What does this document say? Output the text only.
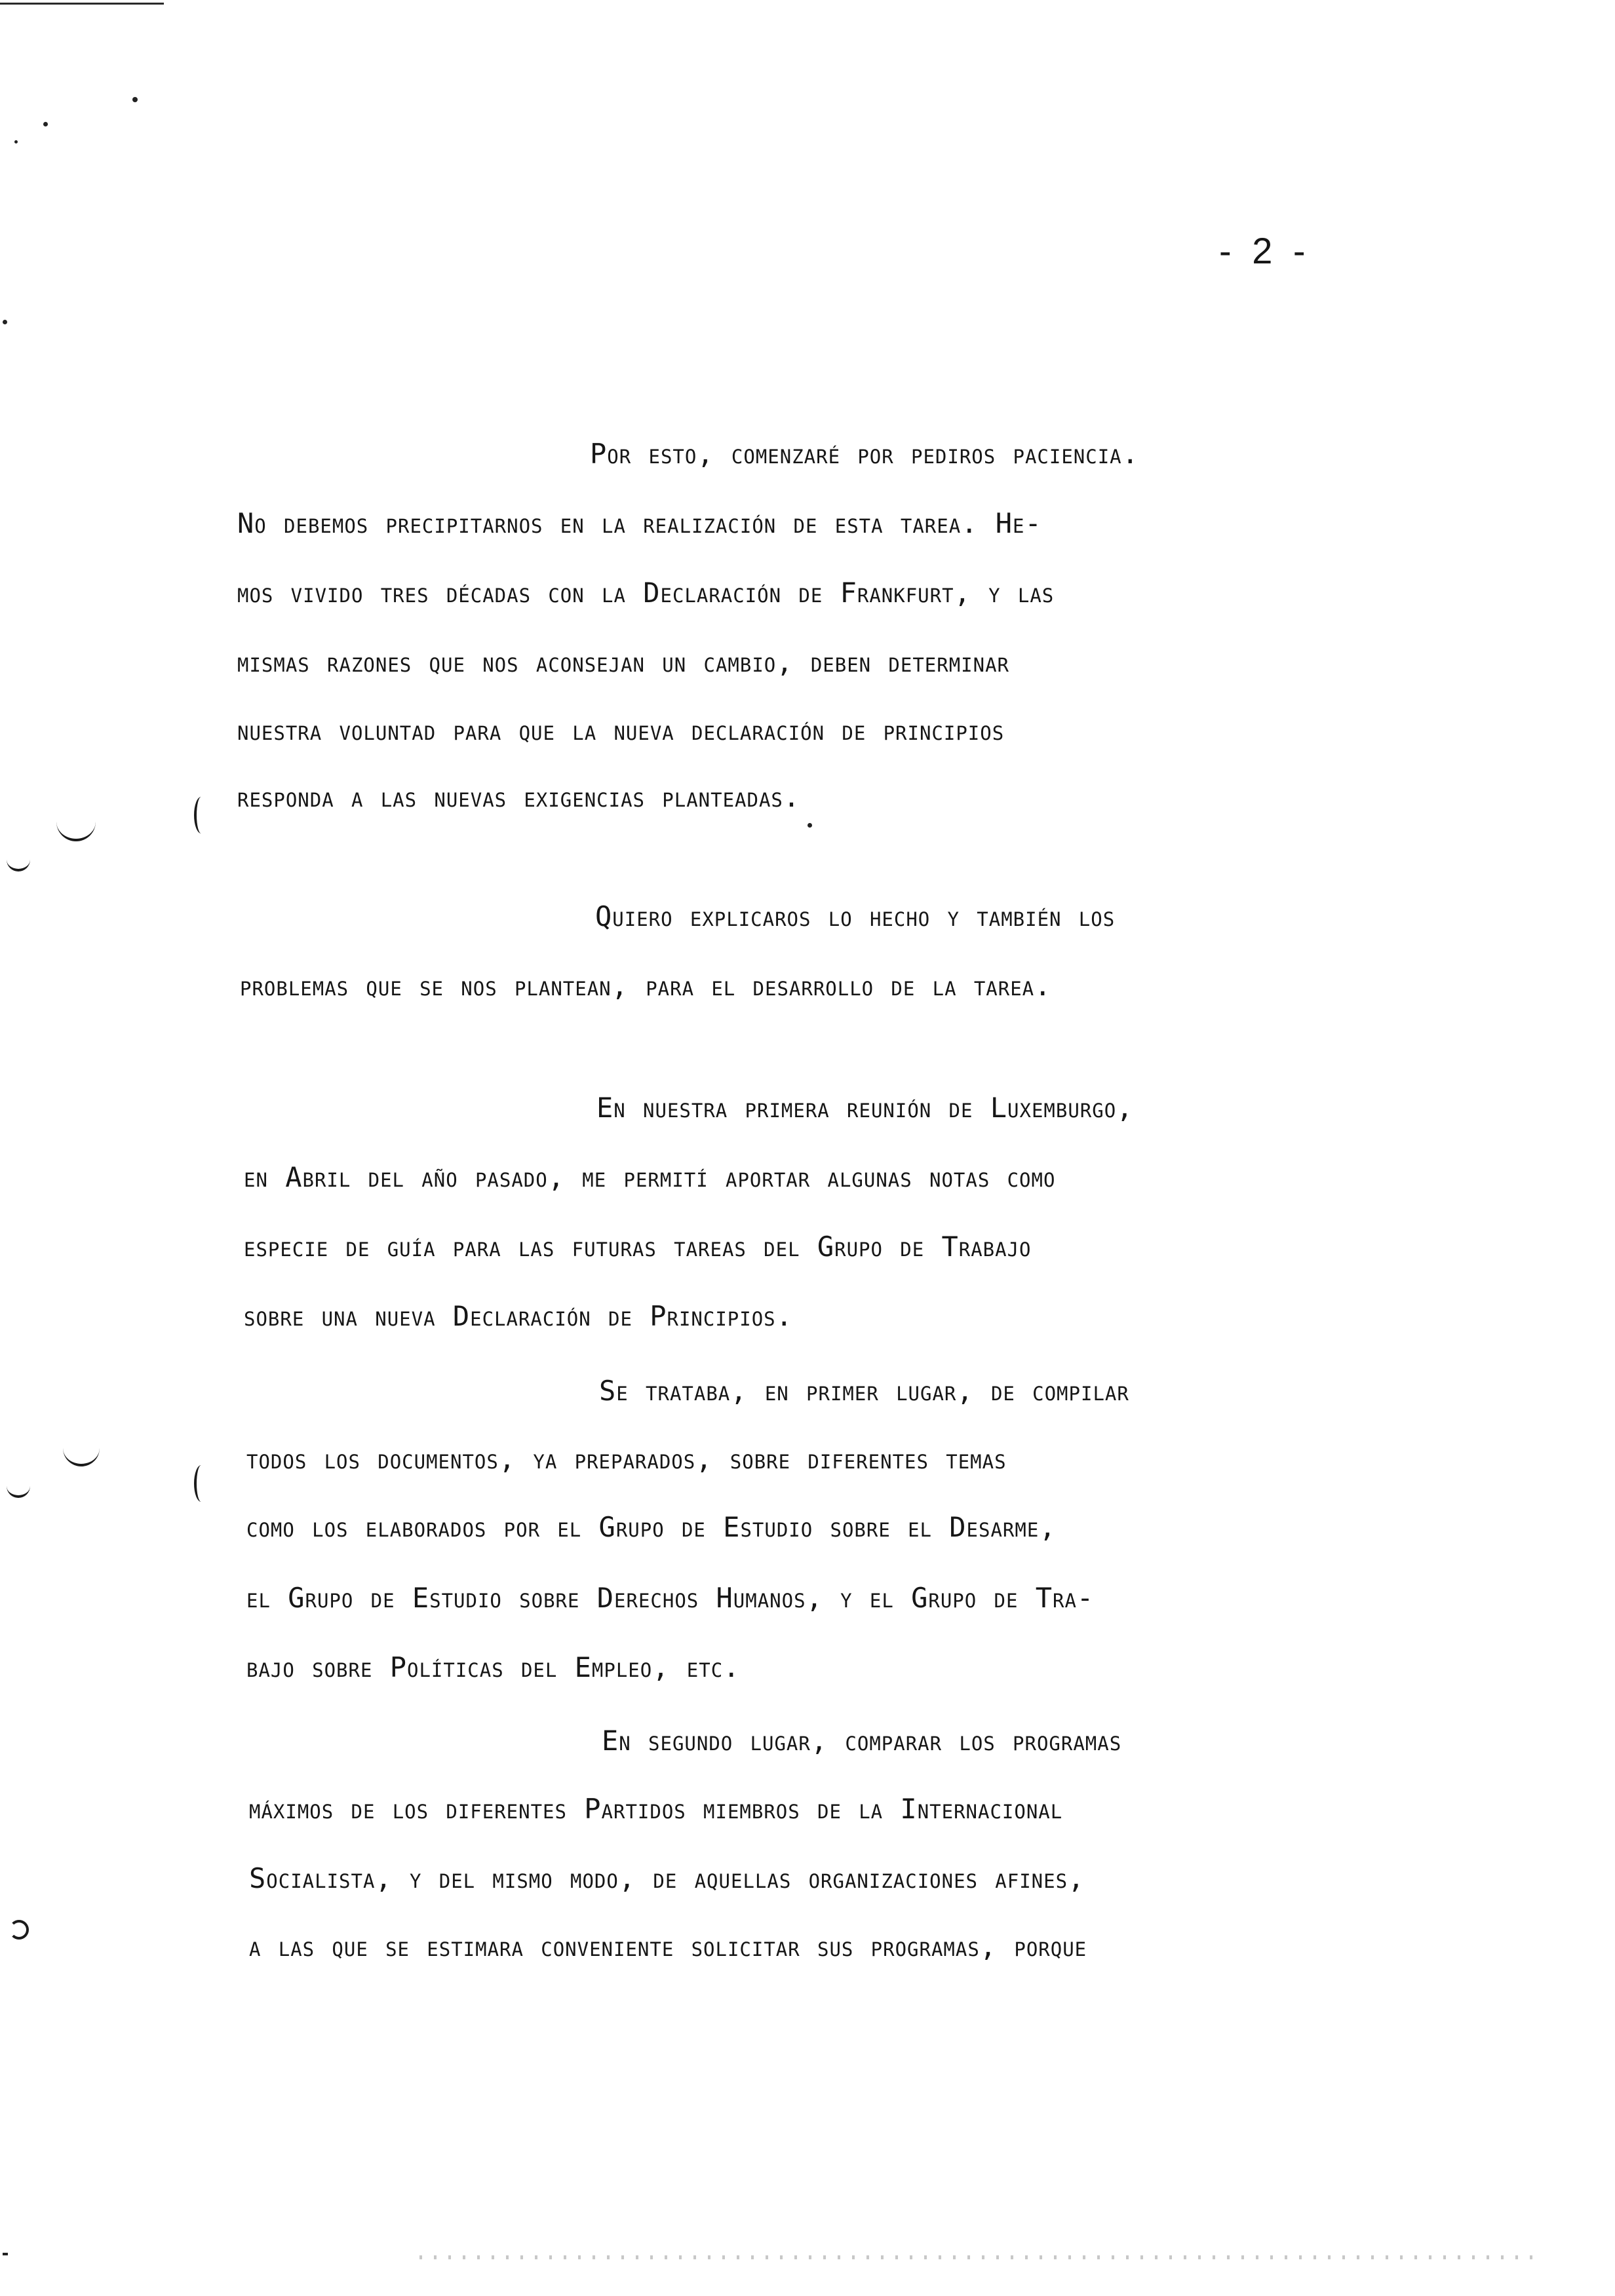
- 2 -
Por esto, comenzaré por pediros paciencia.
No debemos precipitarnos en la realización de esta tarea. He-
mos vivido tres décadas con la Declaración de Frankfurt, y las
mismas razones que nos aconsejan un cambio, deben determinar
nuestra voluntad para que la nueva declaración de principios
responda a las nuevas exigencias planteadas.
Quiero explicaros lo hecho y también los
problemas que se nos plantean, para el desarrollo de la tarea.
En nuestra primera reunión de Luxemburgo,
en Abril del año pasado, me permití aportar algunas notas como
especie de guía para las futuras tareas del Grupo de Trabajo
sobre una nueva Declaración de Principios.
Se trataba, en primer lugar, de compilar
todos los documentos, ya preparados, sobre diferentes temas
como los elaborados por el Grupo de Estudio sobre el Desarme,
el Grupo de Estudio sobre Derechos Humanos, y el Grupo de Tra-
bajo sobre Políticas del Empleo, etc.
En segundo lugar, comparar los programas
máximos de los diferentes Partidos miembros de la Internacional
Socialista, y del mismo modo, de aquellas organizaciones afines,
a las que se estimara conveniente solicitar sus programas, porque
